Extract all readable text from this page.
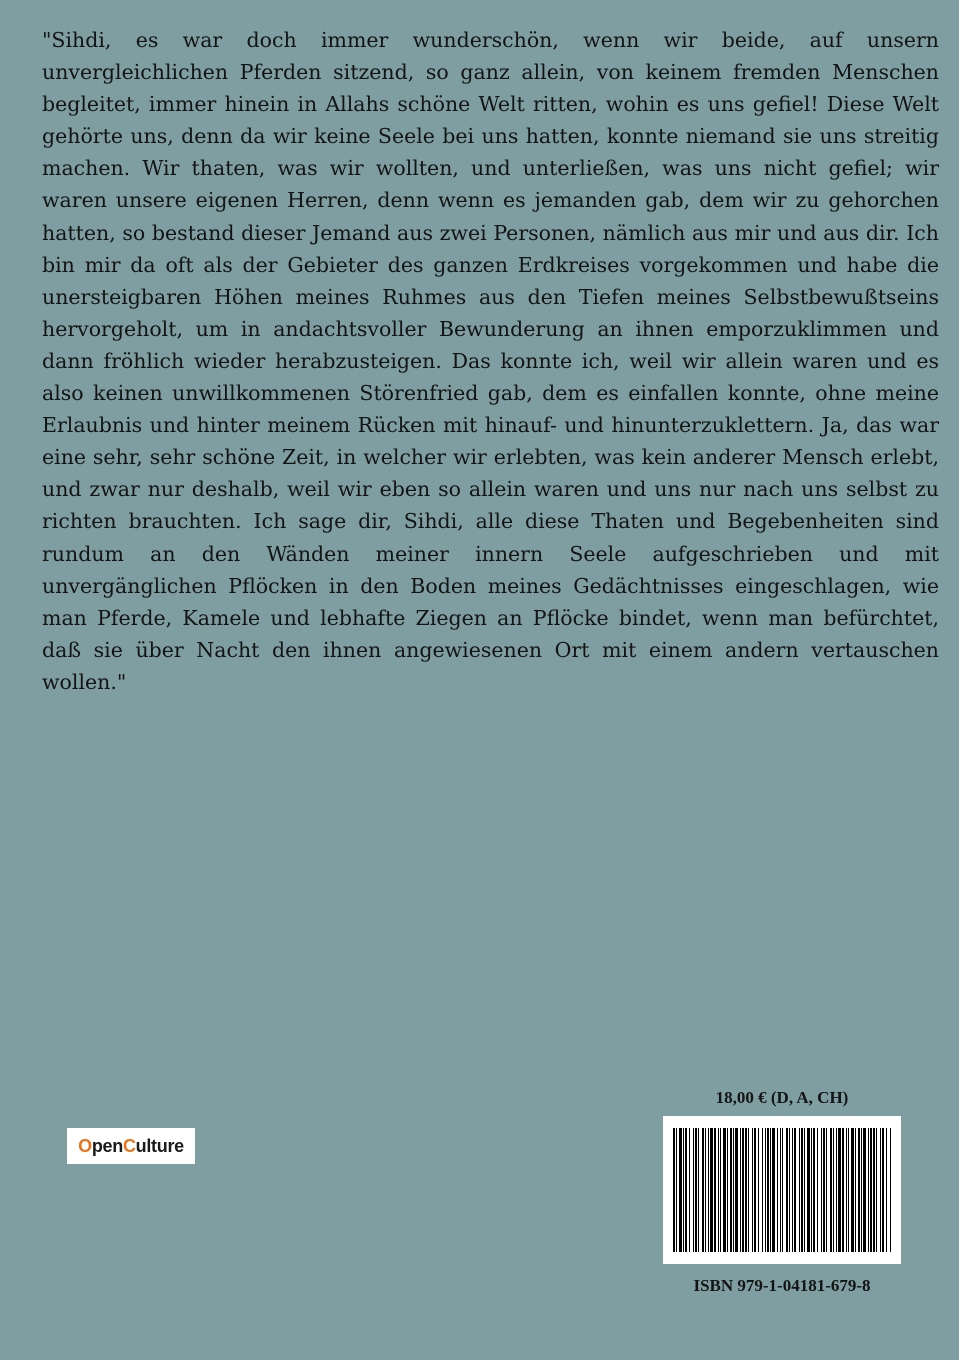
"Sihdi, es war doch immer wunderschön, wenn wir beide, auf unsern unvergleichlichen Pferden sitzend, so ganz allein, von keinem fremden Menschen begleitet, immer hinein in Allahs schöne Welt ritten, wohin es uns gefiel! Diese Welt gehörte uns, denn da wir keine Seele bei uns hatten, konnte niemand sie uns streitig machen. Wir thaten, was wir wollten, und unterließen, was uns nicht gefiel; wir waren unsere eigenen Herren, denn wenn es jemanden gab, dem wir zu gehorchen hatten, so bestand dieser Jemand aus zwei Personen, nämlich aus mir und aus dir. Ich bin mir da oft als der Gebieter des ganzen Erdkreises vorgekommen und habe die unersteigbaren Höhen meines Ruhmes aus den Tiefen meines Selbstbewußtseins hervorgeholt, um in andachtsvoller Bewunderung an ihnen emporzuklimmen und dann fröhlich wieder herabzusteigen. Das konnte ich, weil wir allein waren und es also keinen unwillkommenen Störenfried gab, dem es einfallen konnte, ohne meine Erlaubnis und hinter meinem Rücken mit hinauf- und hinunterzuklettern. Ja, das war eine sehr, sehr schöne Zeit, in welcher wir erlebten, was kein anderer Mensch erlebt, und zwar nur deshalb, weil wir eben so allein waren und uns nur nach uns selbst zu richten brauchten. Ich sage dir, Sihdi, alle diese Thaten und Begebenheiten sind rundum an den Wänden meiner innern Seele aufgeschrieben und mit unvergänglichen Pflöcken in den Boden meines Gedächtnisses eingeschlagen, wie man Pferde, Kamele und lebhafte Ziegen an Pflöcke bindet, wenn man befürchtet, daß sie über Nacht den ihnen angewiesenen Ort mit einem andern vertauschen wollen."

O pen C ulture
18,00 € (D, A, CH)
ISBN 979-1-04181-679-8
